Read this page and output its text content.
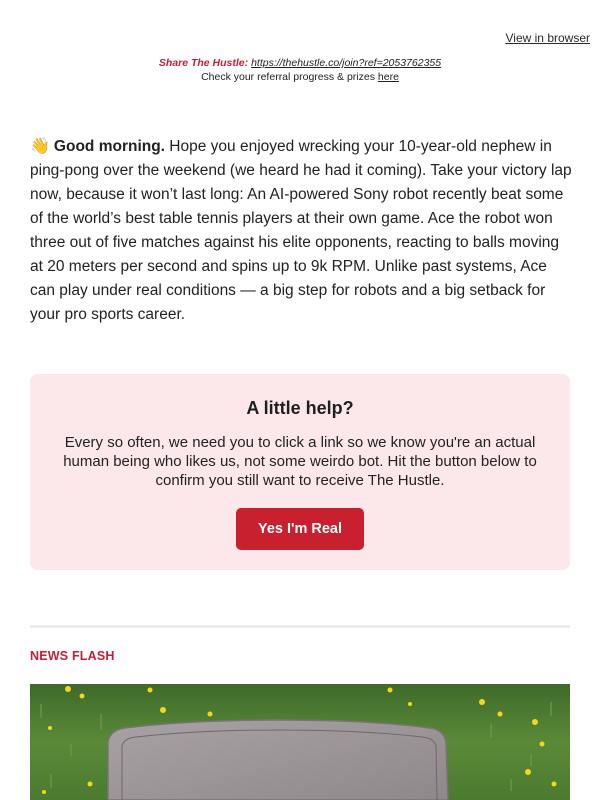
View in browser
Share The Hustle: https://thehustle.co/join?ref=2053762355
Check your referral progress & prizes here

👋 Good morning. Hope you enjoyed wrecking your 10-year-old nephew in ping-pong over the weekend (we heard he had it coming). Take your victory lap now, because it won’t last long: An AI-powered Sony robot recently beat some of the world’s best table tennis players at their own game. Ace the robot won three out of five matches against his elite opponents, reacting to balls moving at 20 meters per second and spins up to 9k RPM. Unlike past systems, Ace can play under real conditions — a big step for robots and a big setback for your pro sports career.

A little help?
Every so often, we need you to click a link so we know you're an actual human being who likes us, not some weirdo bot. Hit the button below to confirm you still want to receive The Hustle.
Yes I'm Real
NEWS FLASH
